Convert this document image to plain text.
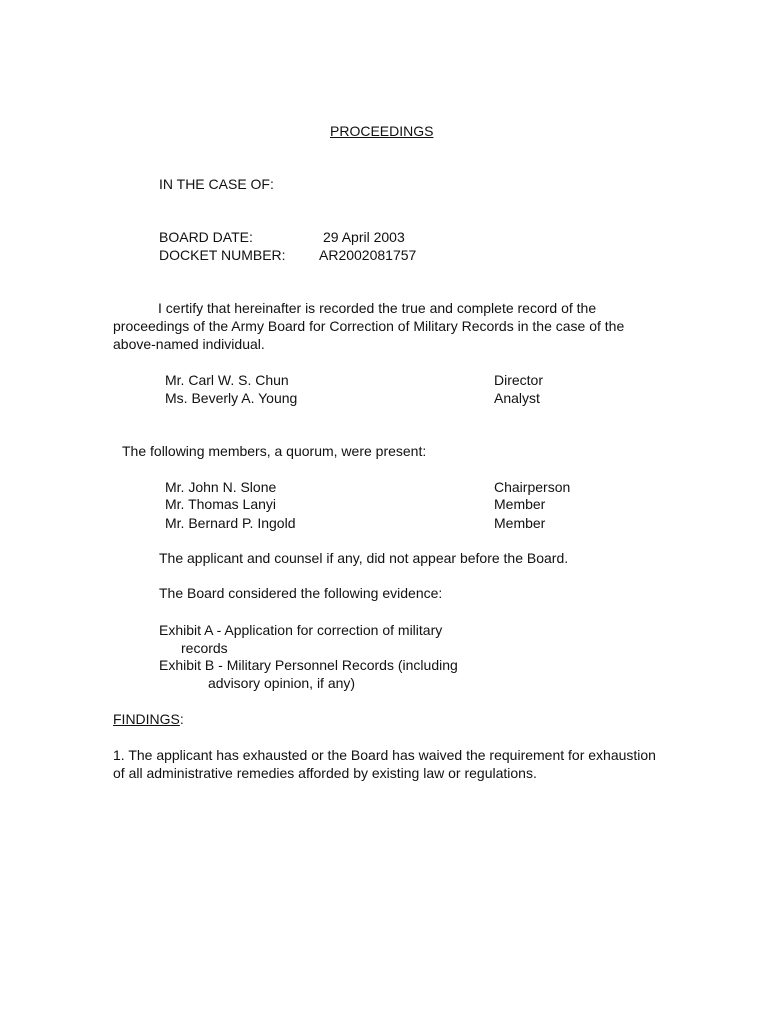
PROCEEDINGS
IN THE CASE OF:
BOARD DATE:	29 April 2003
DOCKET NUMBER: AR2002081757
I certify that hereinafter is recorded the true and complete record of the proceedings of the Army Board for Correction of Military Records in the case of the above-named individual.
Mr. Carl W. S. Chun	Director
Ms. Beverly A. Young	Analyst
The following members, a quorum, were present:
Mr. John N. Slone	Chairperson
Mr. Thomas Lanyi	Member
Mr. Bernard P. Ingold	Member
The applicant and counsel if any, did not appear before the Board.
The Board considered the following evidence:
Exhibit A - Application for correction of military
records
Exhibit B - Military Personnel Records (including
advisory opinion, if any)
FINDINGS:
1. The applicant has exhausted or the Board has waived the requirement for exhaustion of all administrative remedies afforded by existing law or regulations.
